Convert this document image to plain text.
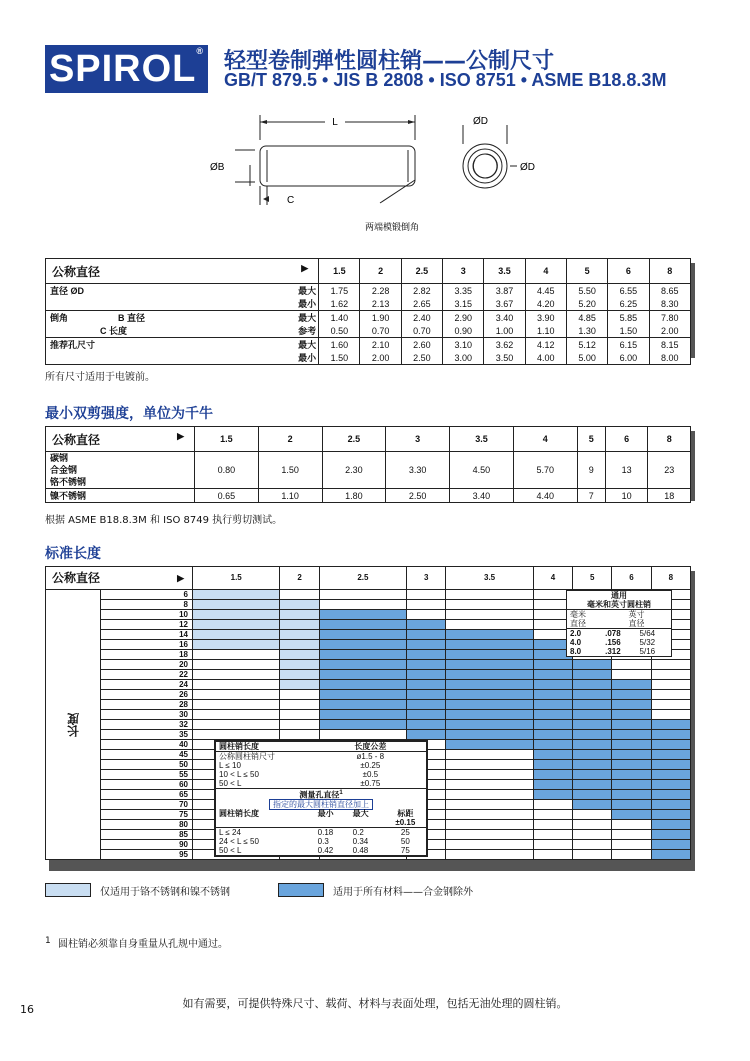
SPIROL® 轻型卷制弹性圆柱销——公制尺寸
GB/T 879.5 • JIS B 2808 • ISO 8751 • ASME B18.8.3M
L
ØB
C
ØD
ØD
两端模锻倒角
公称直径 ▶	1.5	2	2.5	3	3.5	4	5	6	8

直径 ØD 最大	1.75	2.28	2.82	3.35	3.87	4.45	5.50	6.55	8.65

最小	1.62	2.13	2.65	3.15	3.67	4.20	5.20	6.25	8.30

倒角 B 直径 最大	1.40	1.90	2.40	2.90	3.40	3.90	4.85	5.85	7.80

C 长度 参考	0.50	0.70	0.70	0.90	1.00	1.10	1.30	1.50	2.00

推荐孔尺寸 最大	1.60	2.10	2.60	3.10	3.62	4.12	5.12	6.15	8.15

最小	1.50	2.00	2.50	3.00	3.50	4.00	5.00	6.00	8.00
所有尺寸适用于电镀前。
最小双剪强度，单位为千牛
公称直径 ▶	1.5	2	2.5	3	3.5	4	5	6	8

碳钢
合金钢
铬不锈钢	0.80	1.50	2.30	3.30	4.50	5.70	9	13	23
镍不锈钢	0.65	1.10	1.80	2.50	3.40	4.40	7	10	18
根据 ASME B18.8.3M 和 ISO 8749 执行剪切测试。
标准长度
公称直径 ▶		1.5	2	2.5	3	3.5	4	5	6	8
长度	6									
	8									
	10									
	12									
	14									
	16									
	18									
	20									
	22									
	24									
	26									
	28									
	30									
	32									
	35									
	40									
	45									
	50									
	55									
	60									
	65									
	70									
	75									
	80									
	85									
	90									
	95									
通用		
毫米和英寸圆柱销		
毫米	英寸	
直径	直径	
2.0	.078	5/64
4.0	.156	5/32
8.0	.312	5/16
圆柱销长度	长度公差		
公称圆柱销尺寸	ø1.5 - 8		
L ≤ 10	±0.25		
10 < L ≤ 50	±0.5		
50 < L	±0.75		
测量孔直径$^1$
指定的最大圆柱销直径加上			
圆柱销长度	最小	最大	标距
			±0.15
L ≤ 24	0.18	0.2	25
24 < L ≤ 50	0.3	0.34	50
50 < L	0.42	0.48	75
仅适用于铬不锈钢和镍不锈钢	适用于所有材料——合金钢除外
1 圆柱销必须靠自身重量从孔规中通过。
如有需要，可提供特殊尺寸、载荷、材料与表面处理，包括无油处理的圆柱销。
16
